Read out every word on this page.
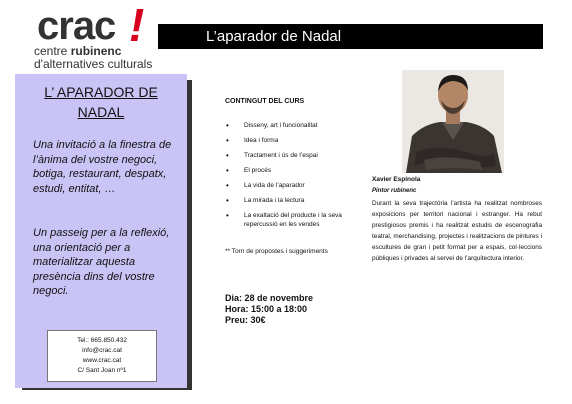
crac !
centre rubinenc
d'alternatives culturals
L’aparador de Nadal
L’ APARADOR DE
NADAL

Una invitació a la finestra de l’ànima del vostre negoci, botiga, restaurant, despatx, estudi, entitat, …

Un passeig per a la reflexió, una orientació per a materialitzar aquesta presència dins del vostre negoci.

Tel.: 665.850.432
info@crac.cat
www.crac.cat
C/ Sant Joan nº1
CONTINGUT DEL CURS
• Disseny, art i funcionalitat
• Idea i forma
• Tractament i ús de l’espai
• El procés
• La vida de l’aparador
• La mirada i la lectura
• La exaltació del producte i la seva repercussió en les vendes
** Torn de propostes i suggeriments
Dia: 28 de novembre
Hora: 15:00 a 18:00
Preu: 30€
Xavier Espinola
Pintor rubinenc

Durant la seva trajectòria l’artista ha realitzat nombroses exposicions per territori nacional i estranger. Ha rebut prestigiosos premis i ha realitzat estudis de escenografia teatral, merchandising, projectes i realitzacions de pintures i escultures de gran i petit format per a espais, col·leccions públiques i privades al servei de l’arquitectura interior.
